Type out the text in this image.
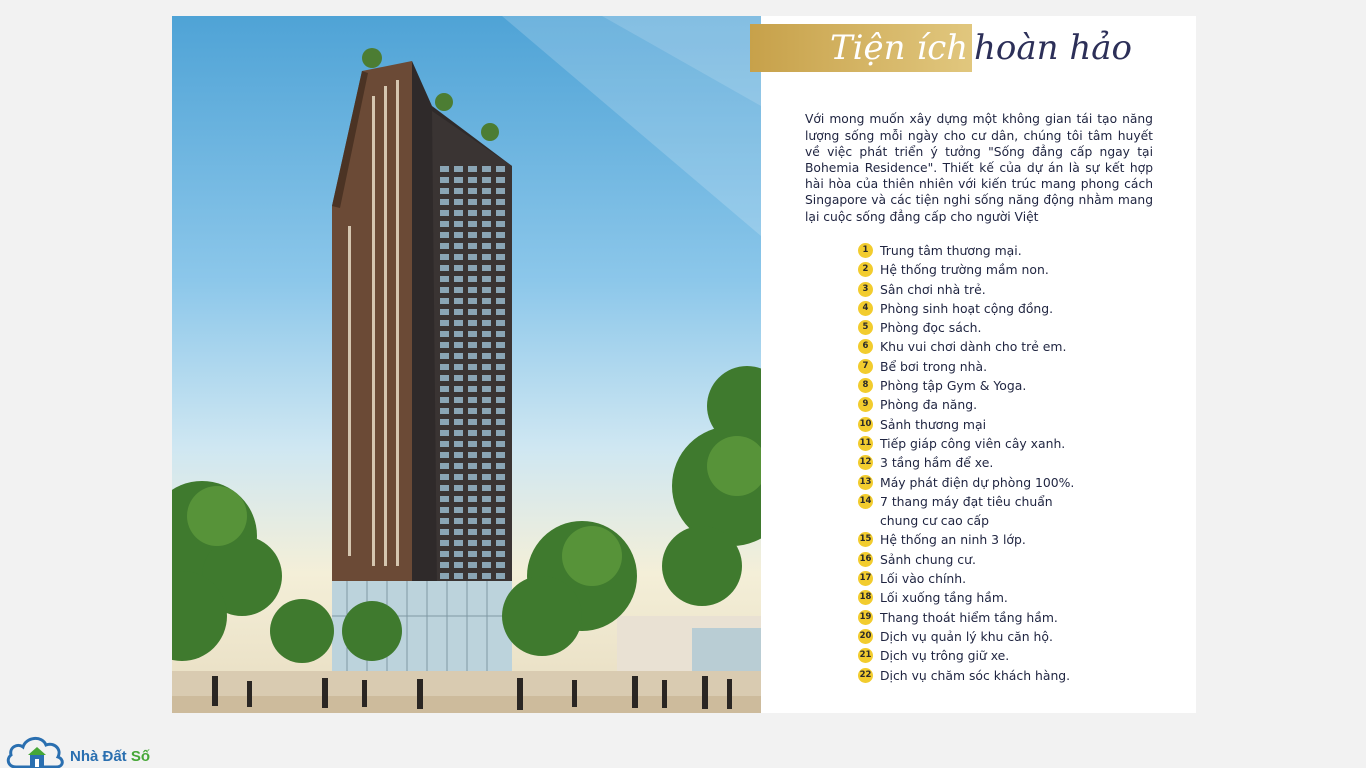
Tiện ích hoàn hảo

Với mong muốn xây dựng một không gian tái tạo năng lượng sống mỗi ngày cho cư dân, chúng tôi tâm huyết về việc phát triển ý tưởng "Sống đẳng cấp ngay tại Bohemia Residence". Thiết kế của dự án là sự kết hợp hài hòa của thiên nhiên với kiến trúc mang phong cách Singapore và các tiện nghi sống năng động nhằm mang lại cuộc sống đẳng cấp cho người Việt

1 Trung tâm thương mại.
2 Hệ thống trường mầm non.
3 Sân chơi nhà trẻ.
4 Phòng sinh hoạt cộng đồng.
5 Phòng đọc sách.
6 Khu vui chơi dành cho trẻ em.
7 Bể bơi trong nhà.
8 Phòng tập Gym & Yoga.
9 Phòng đa năng.
10 Sảnh thương mại
11 Tiếp giáp công viên cây xanh.
12 3 tầng hầm để xe.
13 Máy phát điện dự phòng 100%.
14 7 thang máy đạt tiêu chuẩn chung cư cao cấp
15 Hệ thống an ninh 3 lớp.
16 Sảnh chung cư.
17 Lối vào chính.
18 Lối xuống tầng hầm.
19 Thang thoát hiểm tầng hầm.
20 Dịch vụ quản lý khu căn hộ.
21 Dịch vụ trông giữ xe.
22 Dịch vụ chăm sóc khách hàng.
Nhà Đất Số
